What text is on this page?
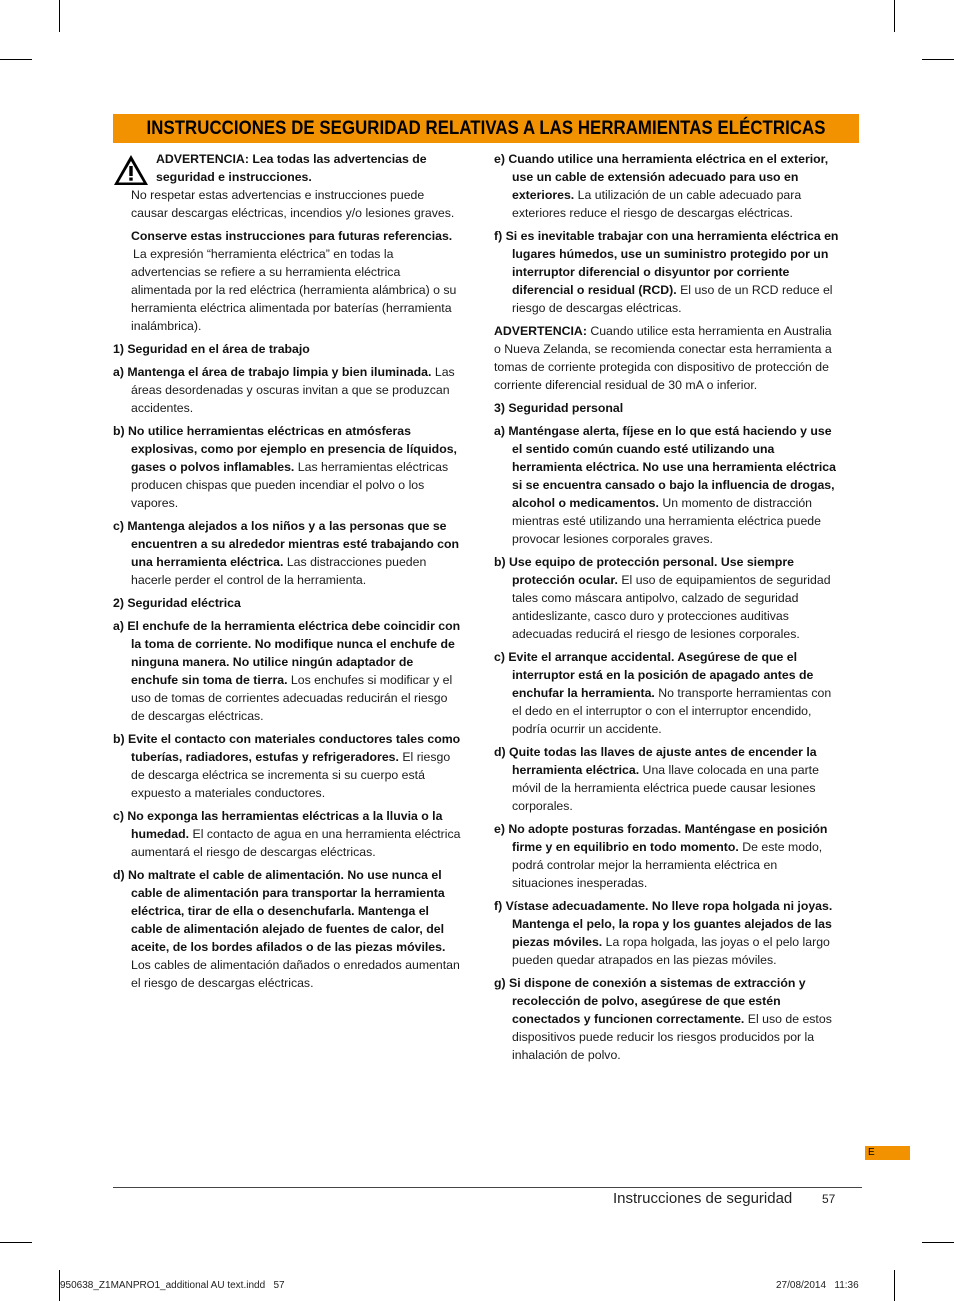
INSTRUCCIONES DE SEGURIDAD RELATIVAS A LAS HERRAMIENTAS ELÉCTRICAS

ADVERTENCIA: Lea todas las advertencias de seguridad e instrucciones.

No respetar estas advertencias e instrucciones puede causar descargas eléctricas, incendios y/o lesiones graves.

Conserve estas instrucciones para futuras referencias.

La expresión “herramienta eléctrica” en todas la advertencias se refiere a su herramienta eléctrica alimentada por la red eléctrica (herramienta alámbrica) o su herramienta eléctrica alimentada por baterías (herramienta inalámbrica).

1) Seguridad en el área de trabajo

a) Mantenga el área de trabajo limpia y bien iluminada. Las áreas desordenadas y oscuras invitan a que se produzcan accidentes.

b) No utilice herramientas eléctricas en atmósferas explosivas, como por ejemplo en presencia de líquidos, gases o polvos inflamables. Las herramientas eléctricas producen chispas que pueden incendiar el polvo o los vapores.

c) Mantenga alejados a los niños y a las personas que se encuentren a su alrededor mientras esté trabajando con una herramienta eléctrica. Las distracciones pueden hacerle perder el control de la herramienta.

2) Seguridad eléctrica

a) El enchufe de la herramienta eléctrica debe coincidir con la toma de corriente. No modifique nunca el enchufe de ninguna manera. No utilice ningún adaptador de enchufe sin toma de tierra. Los enchufes si modificar y el uso de tomas de corrientes adecuadas reducirán el riesgo de descargas eléctricas.

b) Evite el contacto con materiales conductores tales como tuberías, radiadores, estufas y refrigeradores. El riesgo de descarga eléctrica se incrementa si su cuerpo está expuesto a materiales conductores.

c) No exponga las herramientas eléctricas a la lluvia o la humedad. El contacto de agua en una herramienta eléctrica aumentará el riesgo de descargas eléctricas.

d) No maltrate el cable de alimentación. No use nunca el cable de alimentación para transportar la herramienta eléctrica, tirar de ella o desenchufarla. Mantenga el cable de alimentación alejado de fuentes de calor, del aceite, de los bordes afilados o de las piezas móviles. Los cables de alimentación dañados o enredados aumentan el riesgo de descargas eléctricas.

e) Cuando utilice una herramienta eléctrica en el exterior, use un cable de extensión adecuado para uso en exteriores. La utilización de un cable adecuado para exteriores reduce el riesgo de descargas eléctricas.

f) Si es inevitable trabajar con una herramienta eléctrica en lugares húmedos, use un suministro protegido por un interruptor diferencial o disyuntor por corriente diferencial o residual (RCD). El uso de un RCD reduce el riesgo de descargas eléctricas.

ADVERTENCIA: Cuando utilice esta herramienta en Australia o Nueva Zelanda, se recomienda conectar esta herramienta a tomas de corriente protegida con dispositivo de protección de corriente diferencial residual de 30 mA o inferior.

3) Seguridad personal

a) Manténgase alerta, fíjese en lo que está haciendo y use el sentido común cuando esté utilizando una herramienta eléctrica. No use una herramienta eléctrica si se encuentra cansado o bajo la influencia de drogas, alcohol o medicamentos. Un momento de distracción mientras esté utilizando una herramienta eléctrica puede provocar lesiones corporales graves.

b) Use equipo de protección personal. Use siempre protección ocular. El uso de equipamientos de seguridad tales como máscara antipolvo, calzado de seguridad antideslizante, casco duro y protecciones auditivas adecuadas reducirá el riesgo de lesiones corporales.

c) Evite el arranque accidental. Asegúrese de que el interruptor está en la posición de apagado antes de enchufar la herramienta. No transporte herramientas con el dedo en el interruptor o con el interruptor encendido, podría ocurrir un accidente.

d) Quite todas las llaves de ajuste antes de encender la herramienta eléctrica. Una llave colocada en una parte móvil de la herramienta eléctrica puede causar lesiones corporales.

e) No adopte posturas forzadas. Manténgase en posición firme y en equilibrio en todo momento. De este modo, podrá controlar mejor la herramienta eléctrica en situaciones inesperadas.

f) Vístase adecuadamente. No lleve ropa holgada ni joyas. Mantenga el pelo, la ropa y los guantes alejados de las piezas móviles. La ropa holgada, las joyas o el pelo largo pueden quedar atrapados en las piezas móviles.

g) Si dispone de conexión a sistemas de extracción y recolección de polvo, asegúrese de que estén conectados y funcionen correctamente. El uso de estos dispositivos puede reducir los riesgos producidos por la inhalación de polvo.

E
Instrucciones de seguridad 57
950638_Z1MANPRO1_additional AU text.indd   57	27/08/2014   11:36
